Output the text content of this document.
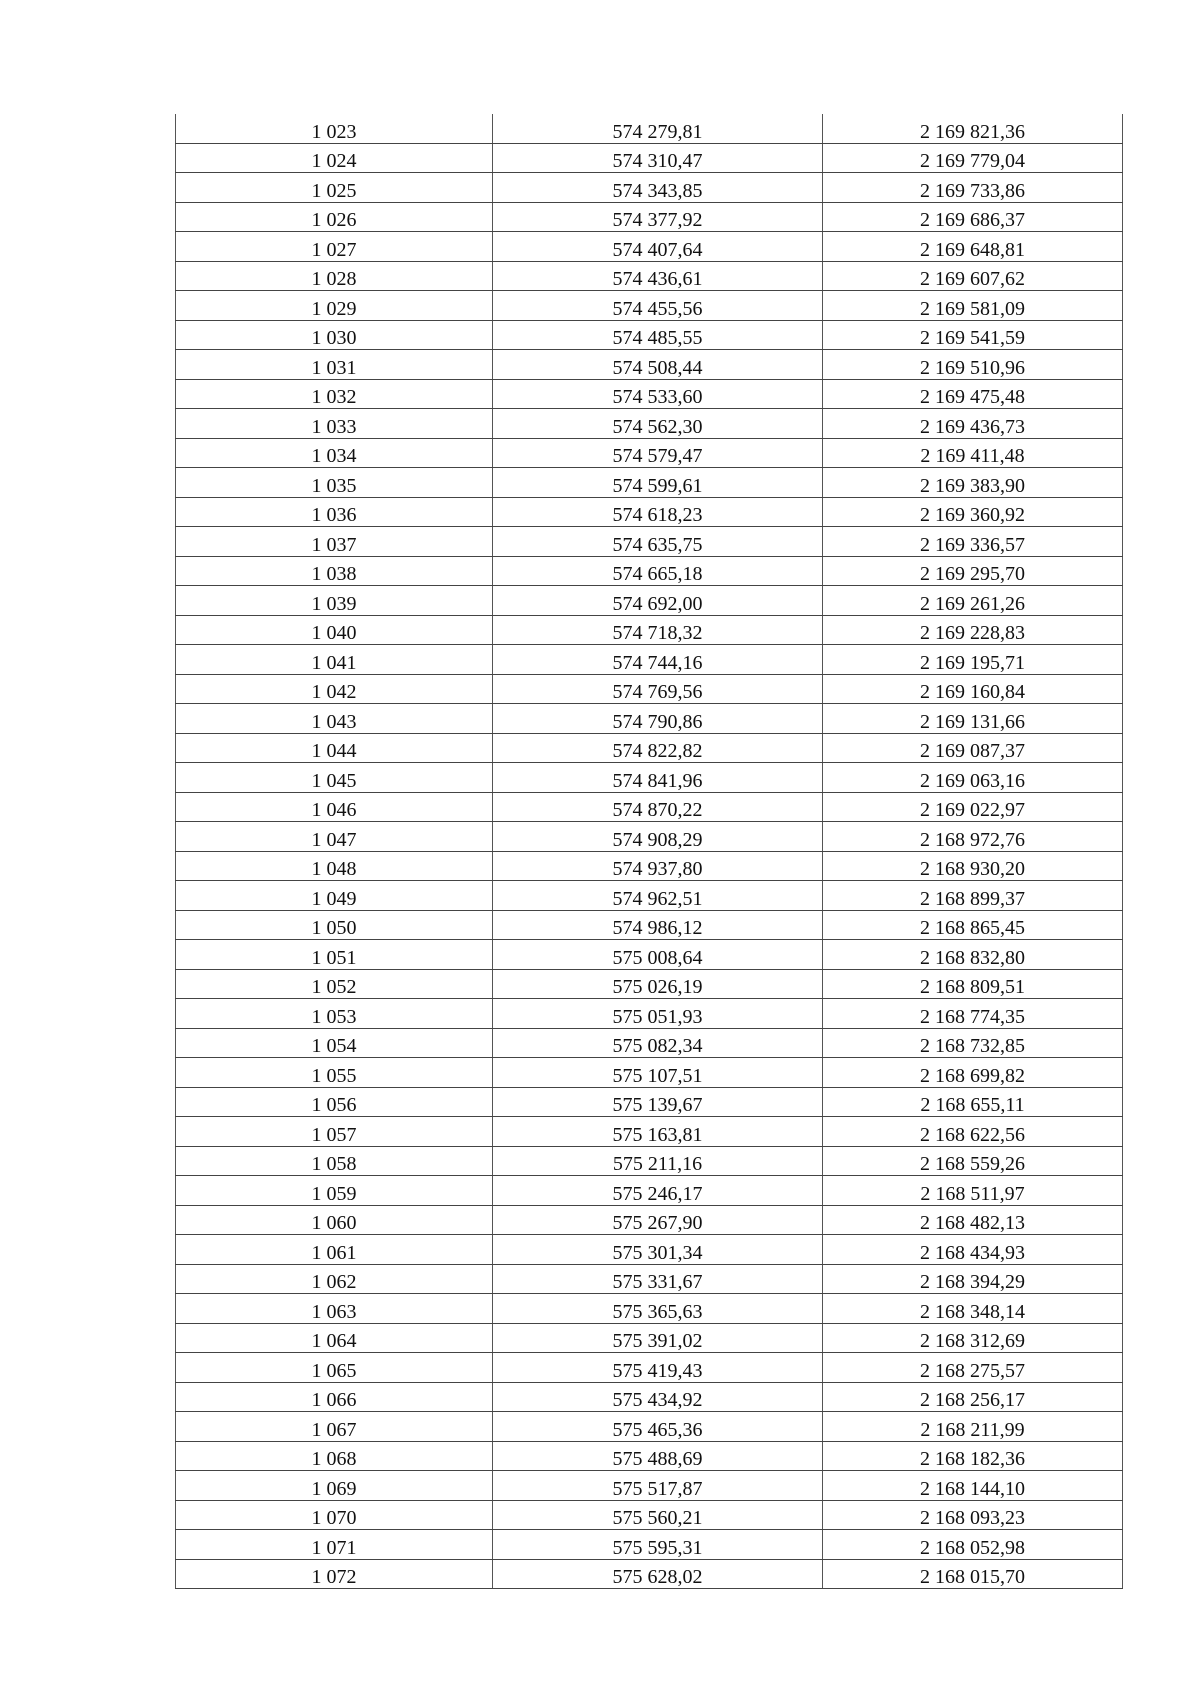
1 023	574 279,81	2 169 821,36
1 024	574 310,47	2 169 779,04
1 025	574 343,85	2 169 733,86
1 026	574 377,92	2 169 686,37
1 027	574 407,64	2 169 648,81
1 028	574 436,61	2 169 607,62
1 029	574 455,56	2 169 581,09
1 030	574 485,55	2 169 541,59
1 031	574 508,44	2 169 510,96
1 032	574 533,60	2 169 475,48
1 033	574 562,30	2 169 436,73
1 034	574 579,47	2 169 411,48
1 035	574 599,61	2 169 383,90
1 036	574 618,23	2 169 360,92
1 037	574 635,75	2 169 336,57
1 038	574 665,18	2 169 295,70
1 039	574 692,00	2 169 261,26
1 040	574 718,32	2 169 228,83
1 041	574 744,16	2 169 195,71
1 042	574 769,56	2 169 160,84
1 043	574 790,86	2 169 131,66
1 044	574 822,82	2 169 087,37
1 045	574 841,96	2 169 063,16
1 046	574 870,22	2 169 022,97
1 047	574 908,29	2 168 972,76
1 048	574 937,80	2 168 930,20
1 049	574 962,51	2 168 899,37
1 050	574 986,12	2 168 865,45
1 051	575 008,64	2 168 832,80
1 052	575 026,19	2 168 809,51
1 053	575 051,93	2 168 774,35
1 054	575 082,34	2 168 732,85
1 055	575 107,51	2 168 699,82
1 056	575 139,67	2 168 655,11
1 057	575 163,81	2 168 622,56
1 058	575 211,16	2 168 559,26
1 059	575 246,17	2 168 511,97
1 060	575 267,90	2 168 482,13
1 061	575 301,34	2 168 434,93
1 062	575 331,67	2 168 394,29
1 063	575 365,63	2 168 348,14
1 064	575 391,02	2 168 312,69
1 065	575 419,43	2 168 275,57
1 066	575 434,92	2 168 256,17
1 067	575 465,36	2 168 211,99
1 068	575 488,69	2 168 182,36
1 069	575 517,87	2 168 144,10
1 070	575 560,21	2 168 093,23
1 071	575 595,31	2 168 052,98
1 072	575 628,02	2 168 015,70
